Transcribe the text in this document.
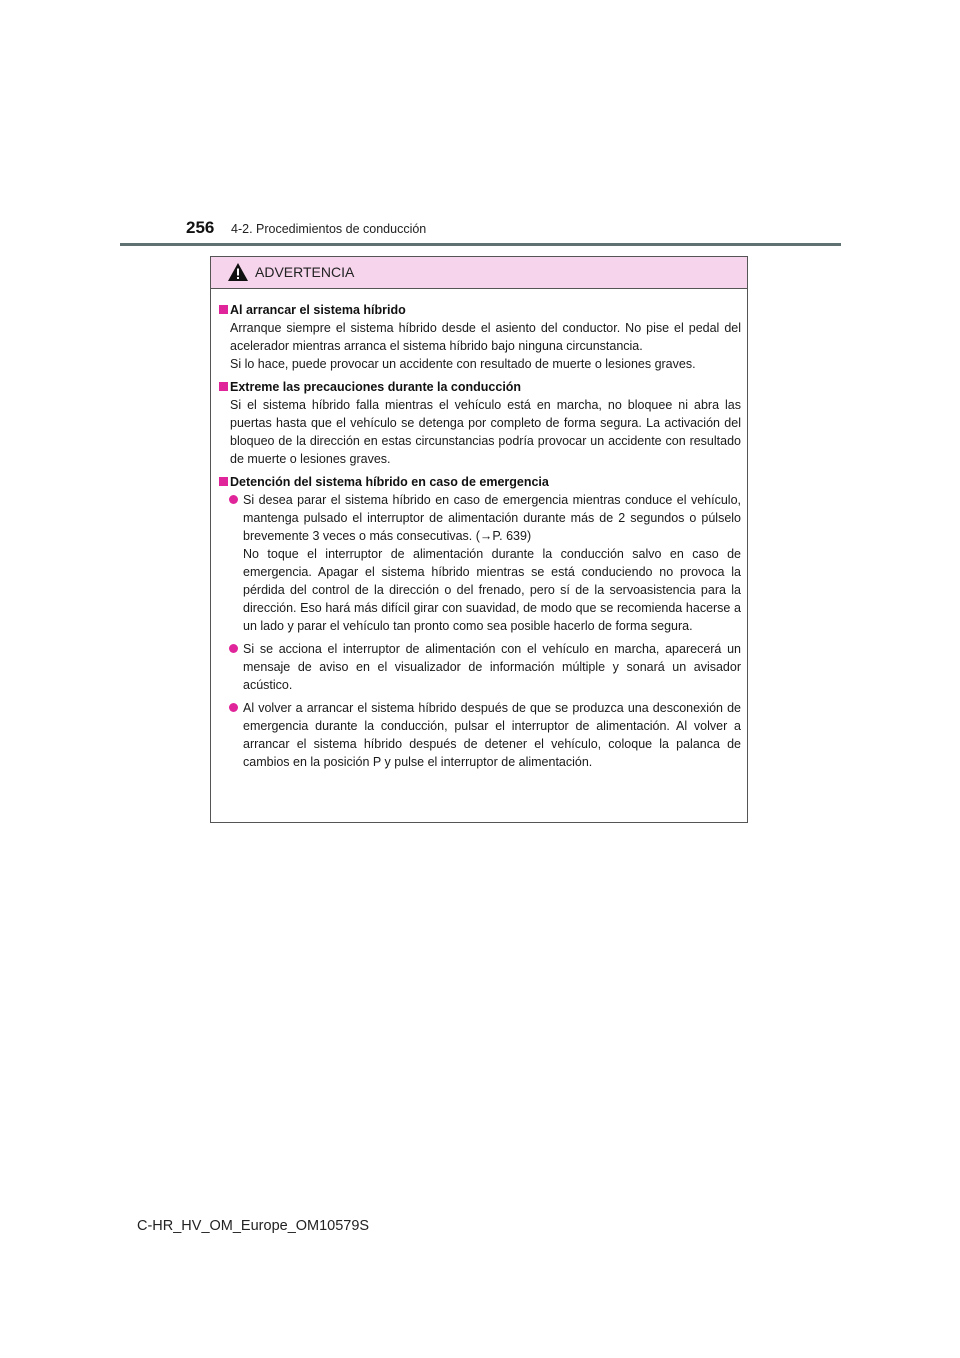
256 4-2. Procedimientos de conducción
ADVERTENCIA
Al arrancar el sistema híbrido

Arranque siempre el sistema híbrido desde el asiento del conductor. No pise el pedal del acelerador mientras arranca el sistema híbrido bajo ninguna circunstancia.

Si lo hace, puede provocar un accidente con resultado de muerte o lesiones graves.

Extreme las precauciones durante la conducción

Si el sistema híbrido falla mientras el vehículo está en marcha, no bloquee ni abra las puertas hasta que el vehículo se detenga por completo de forma segura. La activación del bloqueo de la dirección en estas circunstancias podría provocar un accidente con resultado de muerte o lesiones graves.

Detención del sistema híbrido en caso de emergencia

Si desea parar el sistema híbrido en caso de emergencia mientras conduce el vehículo, mantenga pulsado el interruptor de alimentación durante más de 2 segundos o púlselo brevemente 3 veces o más consecutivas. (→P. 639)

No toque el interruptor de alimentación durante la conducción salvo en caso de emergencia. Apagar el sistema híbrido mientras se está conduciendo no provoca la pérdida del control de la dirección o del frenado, pero sí de la servoasistencia para la dirección. Eso hará más difícil girar con suavidad, de modo que se recomienda hacerse a un lado y parar el vehículo tan pronto como sea posible hacerlo de forma segura.

Si se acciona el interruptor de alimentación con el vehículo en marcha, aparecerá un mensaje de aviso en el visualizador de información múltiple y sonará un avisador acústico.

Al volver a arrancar el sistema híbrido después de que se produzca una desconexión de emergencia durante la conducción, pulsar el interruptor de alimentación. Al volver a arrancar el sistema híbrido después de detener el vehículo, coloque la palanca de cambios en la posición P y pulse el interruptor de alimentación.

C-HR_HV_OM_Europe_OM10579S
